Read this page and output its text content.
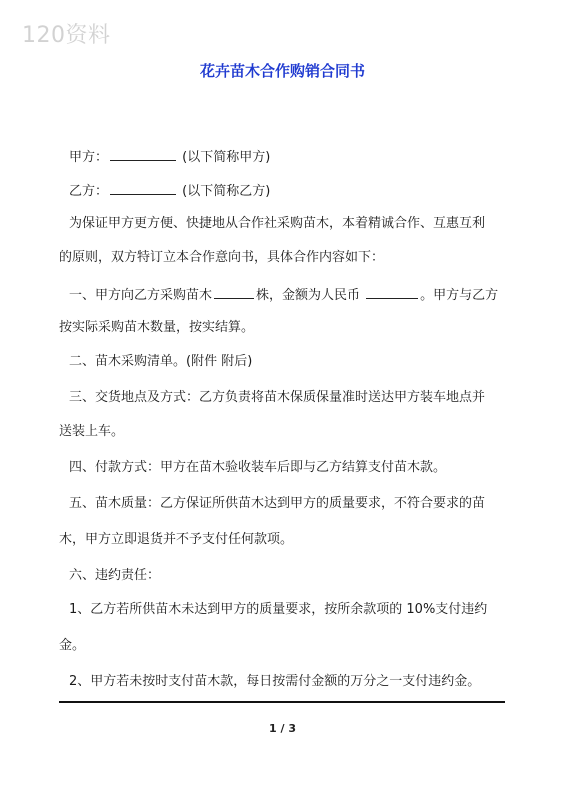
120资料
花卉苗木合作购销合同书
甲方：	(以下简称甲方)
乙方：	(以下简称乙方)
为保证甲方更方便、快捷地从合作社采购苗木，本着精诚合作、互惠互利
的原则，双方特订立本合作意向书，具体合作内容如下：
一、甲方向乙方采购苗木	株，金额为人民币	。甲方与乙方
按实际采购苗木数量，按实结算。
二、苗木采购清单。(附件 附后)
三、交货地点及方式：乙方负责将苗木保质保量准时送达甲方装车地点并
送装上车。
四、付款方式：甲方在苗木验收装车后即与乙方结算支付苗木款。
五、苗木质量：乙方保证所供苗木达到甲方的质量要求，不符合要求的苗
木，甲方立即退货并不予支付任何款项。
六、违约责任：
1、乙方若所供苗木未达到甲方的质量要求，按所余款项的 10%支付违约
金。
2、甲方若未按时支付苗木款，每日按需付金额的万分之一支付违约金。
1 / 3
